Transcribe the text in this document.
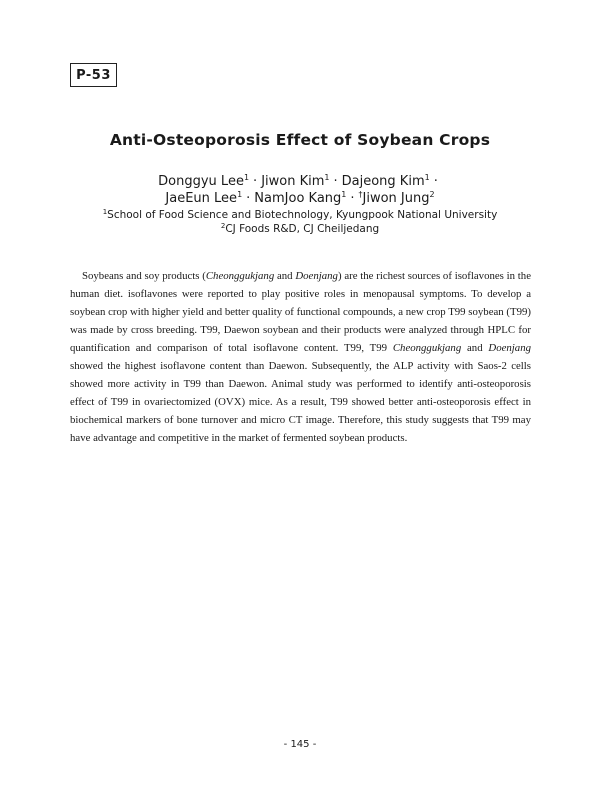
P-53
Anti-Osteoporosis Effect of Soybean Crops
Donggyu Lee$^1$ · Jiwon Kim$^1$ · Dajeong Kim$^1$ ·
JaeEun Lee$^1$ · NamJoo Kang$^1$ · †Jiwon Jung$^2$
$^1$School of Food Science and Biotechnology, Kyungpook National University
$^2$CJ Foods R&D, CJ Cheiljedang
Soybeans and soy products (Cheonggukjang and Doenjang) are the richest sources of isoflavones in the human diet. isoflavones were reported to play positive roles in menopausal symptoms. To develop a soybean crop with higher yield and better quality of functional compounds, a new crop T99 soybean (T99) was made by cross breeding. T99, Daewon soybean and their products were analyzed through HPLC for quantification and comparison of total isoflavone content. T99, T99 Cheonggukjang and Doenjang showed the highest isoflavone content than Daewon. Subsequently, the ALP activity with Saos-2 cells showed more activity in T99 than Daewon. Animal study was performed to identify anti-osteoporosis effect of T99 in ovariectomized (OVX) mice. As a result, T99 showed better anti-osteoporosis effect in biochemical markers of bone turnover and micro CT image. Therefore, this study suggests that T99 may have advantage and competitive in the market of fermented soybean products.
- 145 -
